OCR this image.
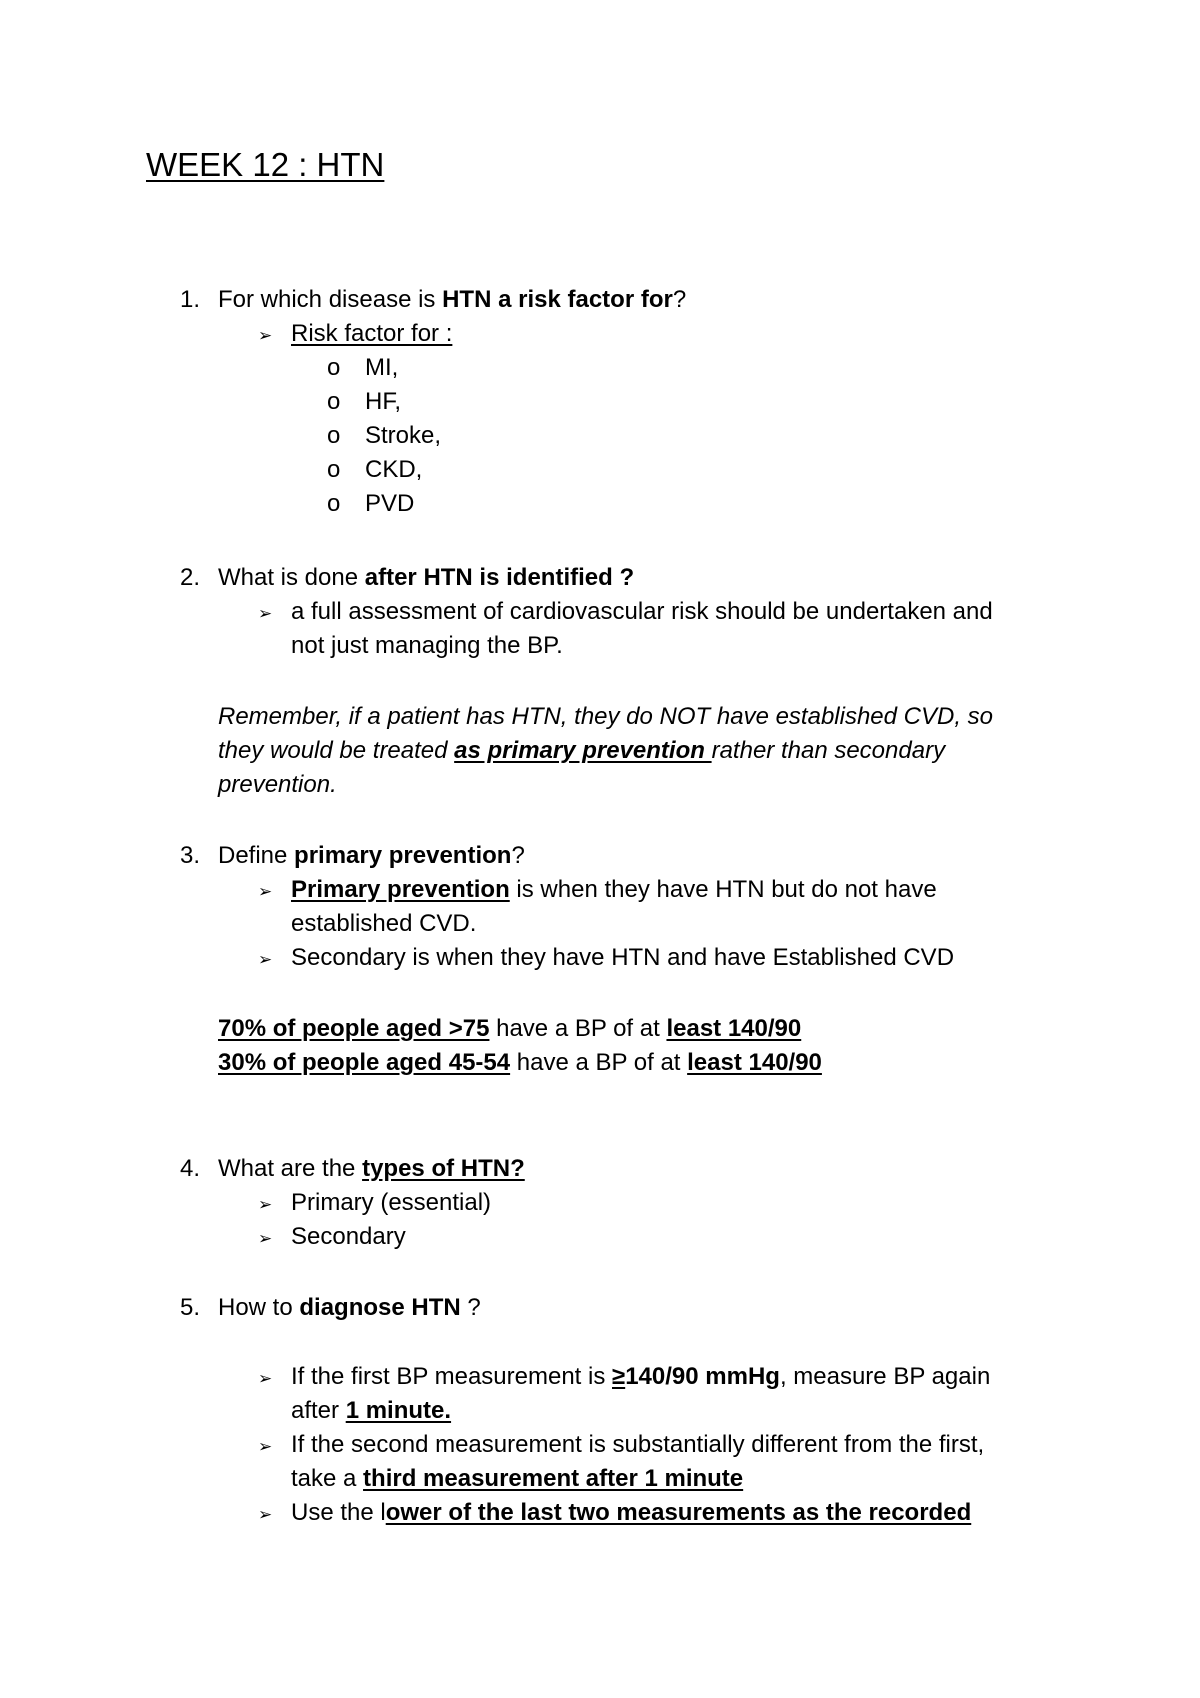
WEEK 12 : HTN
1. For which disease is HTN a risk factor for?
➢ Risk factor for :
o MI,
o HF,
o Stroke,
o CKD,
o PVD
2. What is done after HTN is identified ?
➢ a full assessment of cardiovascular risk should be undertaken and
not just managing the BP.
Remember, if a patient has HTN, they do NOT have established CVD, so
they would be treated as primary prevention rather than secondary
prevention.
3. Define primary prevention?
➢ Primary prevention is when they have HTN but do not have
established CVD.
➢ Secondary is when they have HTN and have Established CVD
70% of people aged >75 have a BP of at least 140/90
30% of people aged 45-54 have a BP of at least 140/90
4. What are the types of HTN?
➢ Primary (essential)
➢ Secondary
5. How to diagnose HTN ?
➢ If the first BP measurement is ≥140/90 mmHg, measure BP again
after 1 minute.
➢ If the second measurement is substantially different from the first,
take a third measurement after 1 minute
➢ Use the lower of the last two measurements as the recorded
